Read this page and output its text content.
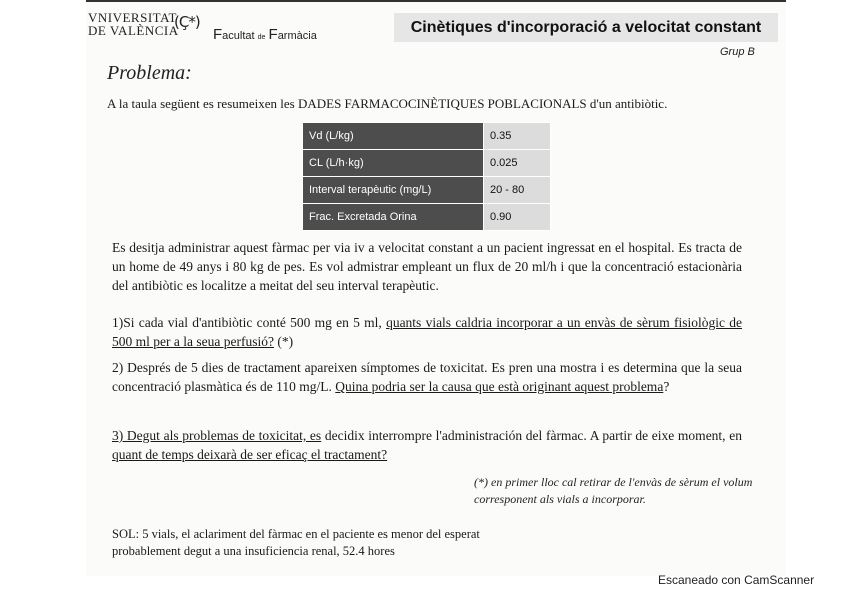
VNIVERSITAT
DE VALÈNCIA
(Ç*)
Facultat de Farmàcia
Cinètiques d'incorporació a velocitat constant
Grup B
Problema:
A la taula següent es resumeixen les DADES FARMACOCINÈTIQUES POBLACIONALS d'un antibiòtic.
Vd (L/kg)	0.35
CL (L/h·kg)	0.025
Interval terapèutic (mg/L)	20 - 80
Frac. Excretada Orina	0.90
Es desitja administrar aquest fàrmac per via iv a velocitat constant a un pacient ingressat en el hospital. Es tracta de un home de 49 anys i 80 kg de pes. Es vol admistrar empleant un flux de 20 ml/h i que la concentració estacionària del antibiòtic es localitze a meitat del seu interval terapèutic.
1)Si cada vial d'antibiòtic conté 500 mg en 5 ml, quants vials caldria incorporar a un envàs de sèrum fisiològic de 500 ml per a la seua perfusió? (*)
2) Després de 5 dies de tractament apareixen símptomes de toxicitat. Es pren una mostra i es determina que la seua concentració plasmàtica és de 110 mg/L. Quina podria ser la causa que està originant aquest problema?
3) Degut als problemas de toxicitat, es decidix interrompre l'administración del fàrmac. A partir de eixe moment, en quant de temps deixarà de ser eficaç el tractament?
(*) en primer lloc cal retirar de l'envàs de sèrum el volum corresponent als vials a incorporar.
SOL: 5 vials, el aclariment del fàrmac en el paciente es menor del esperat probablement degut a una insuficiencia renal, 52.4 hores
Escaneado con CamScanner
